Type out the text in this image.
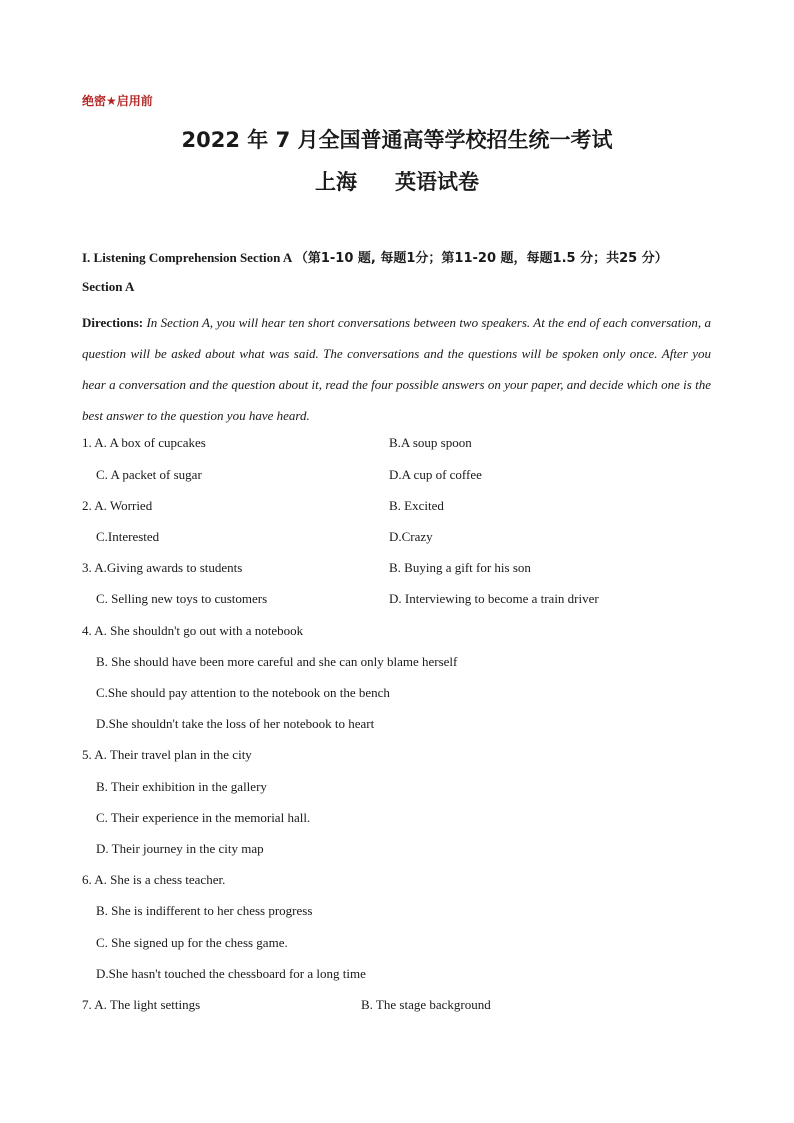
绝密★启用前
2022 年 7 月全国普通高等学校招生统一考试
上海 英语试卷
I. Listening Comprehension Section A （第1-10 题, 每题1分；第11-20 题，每题1.5 分；共25 分）
Section A
Directions: In Section A, you will hear ten short conversations between two speakers. At the end of each conversation, a question will be asked about what was said. The conversations and the questions will be spoken only once. After you hear a conversation and the question about it, read the four possible answers on your paper, and decide which one is the best answer to the question you have heard.
1. A. A box of cupcakes	B.A soup spoon
C. A packet of sugar	D.A cup of coffee
2. A. Worried	B. Excited
C.Interested	D.Crazy
3. A.Giving awards to students	B. Buying a gift for his son
C. Selling new toys to customers	D. Interviewing to become a train driver
4. A. She shouldn't go out with a notebook
B. She should have been more careful and she can only blame herself
C.She should pay attention to the notebook on the bench
D.She shouldn't take the loss of her notebook to heart
5. A. Their travel plan in the city
B. Their exhibition in the gallery
C. Their experience in the memorial hall.
D. Their journey in the city map
6. A. She is a chess teacher.
B. She is indifferent to her chess progress
C. She signed up for the chess game.
D.She hasn't touched the chessboard for a long time
7. A. The light settings	B. The stage background
